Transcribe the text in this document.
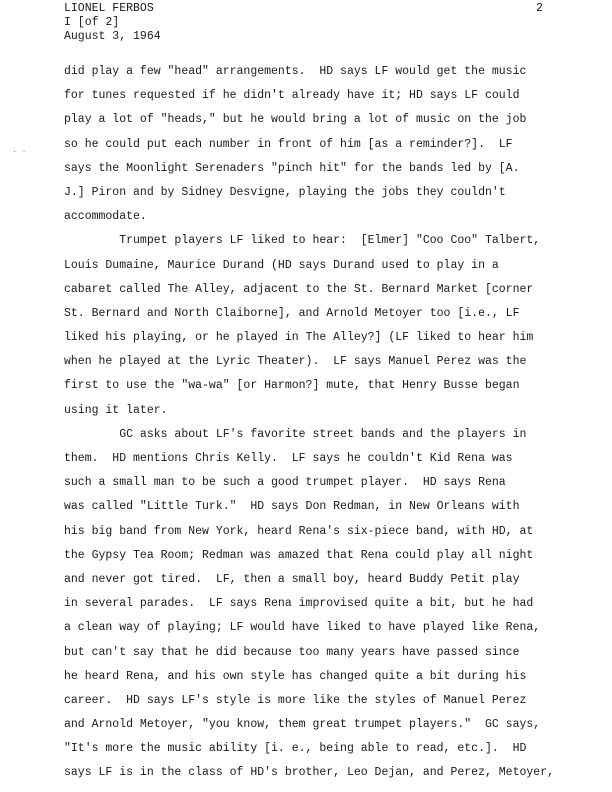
LIONEL FERBOS
I [of 2]
August 3, 1964
2
. .
did play a few "head" arrangements.  HD says LF would get the music
for tunes requested if he didn't already have it; HD says LF could
play a lot of "heads," but he would bring a lot of music on the job
so he could put each number in front of him [as a reminder?].  LF
says the Moonlight Serenaders "pinch hit" for the bands led by [A.
J.] Piron and by Sidney Desvigne, playing the jobs they couldn't
accommodate.
Trumpet players LF liked to hear:  [Elmer] "Coo Coo" Talbert,
Louis Dumaine, Maurice Durand (HD says Durand used to play in a
cabaret called The Alley, adjacent to the St. Bernard Market [corner
St. Bernard and North Claiborne], and Arnold Metoyer too [i.e., LF
liked his playing, or he played in The Alley?] (LF liked to hear him
when he played at the Lyric Theater).  LF says Manuel Perez was the
first to use the "wa-wa" [or Harmon?] mute, that Henry Busse began
using it later.
GC asks about LF's favorite street bands and the players in
them.  HD mentions Chris Kelly.  LF says he couldn't Kid Rena was
such a small man to be such a good trumpet player.  HD says Rena
was called "Little Turk."  HD says Don Redman, in New Orleans with
his big band from New York, heard Rena's six-piece band, with HD, at
the Gypsy Tea Room; Redman was amazed that Rena could play all night
and never got tired.  LF, then a small boy, heard Buddy Petit play
in several parades.  LF says Rena improvised quite a bit, but he had
a clean way of playing; LF would have liked to have played like Rena,
but can't say that he did because too many years have passed since
he heard Rena, and his own style has changed quite a bit during his
career.  HD says LF's style is more like the styles of Manuel Perez
and Arnold Metoyer, "you know, them great trumpet players."  GC says,
"It's more the music ability [i. e., being able to read, etc.].  HD
says LF is in the class of HD's brother, Leo Dejan, and Perez, Metoyer,
